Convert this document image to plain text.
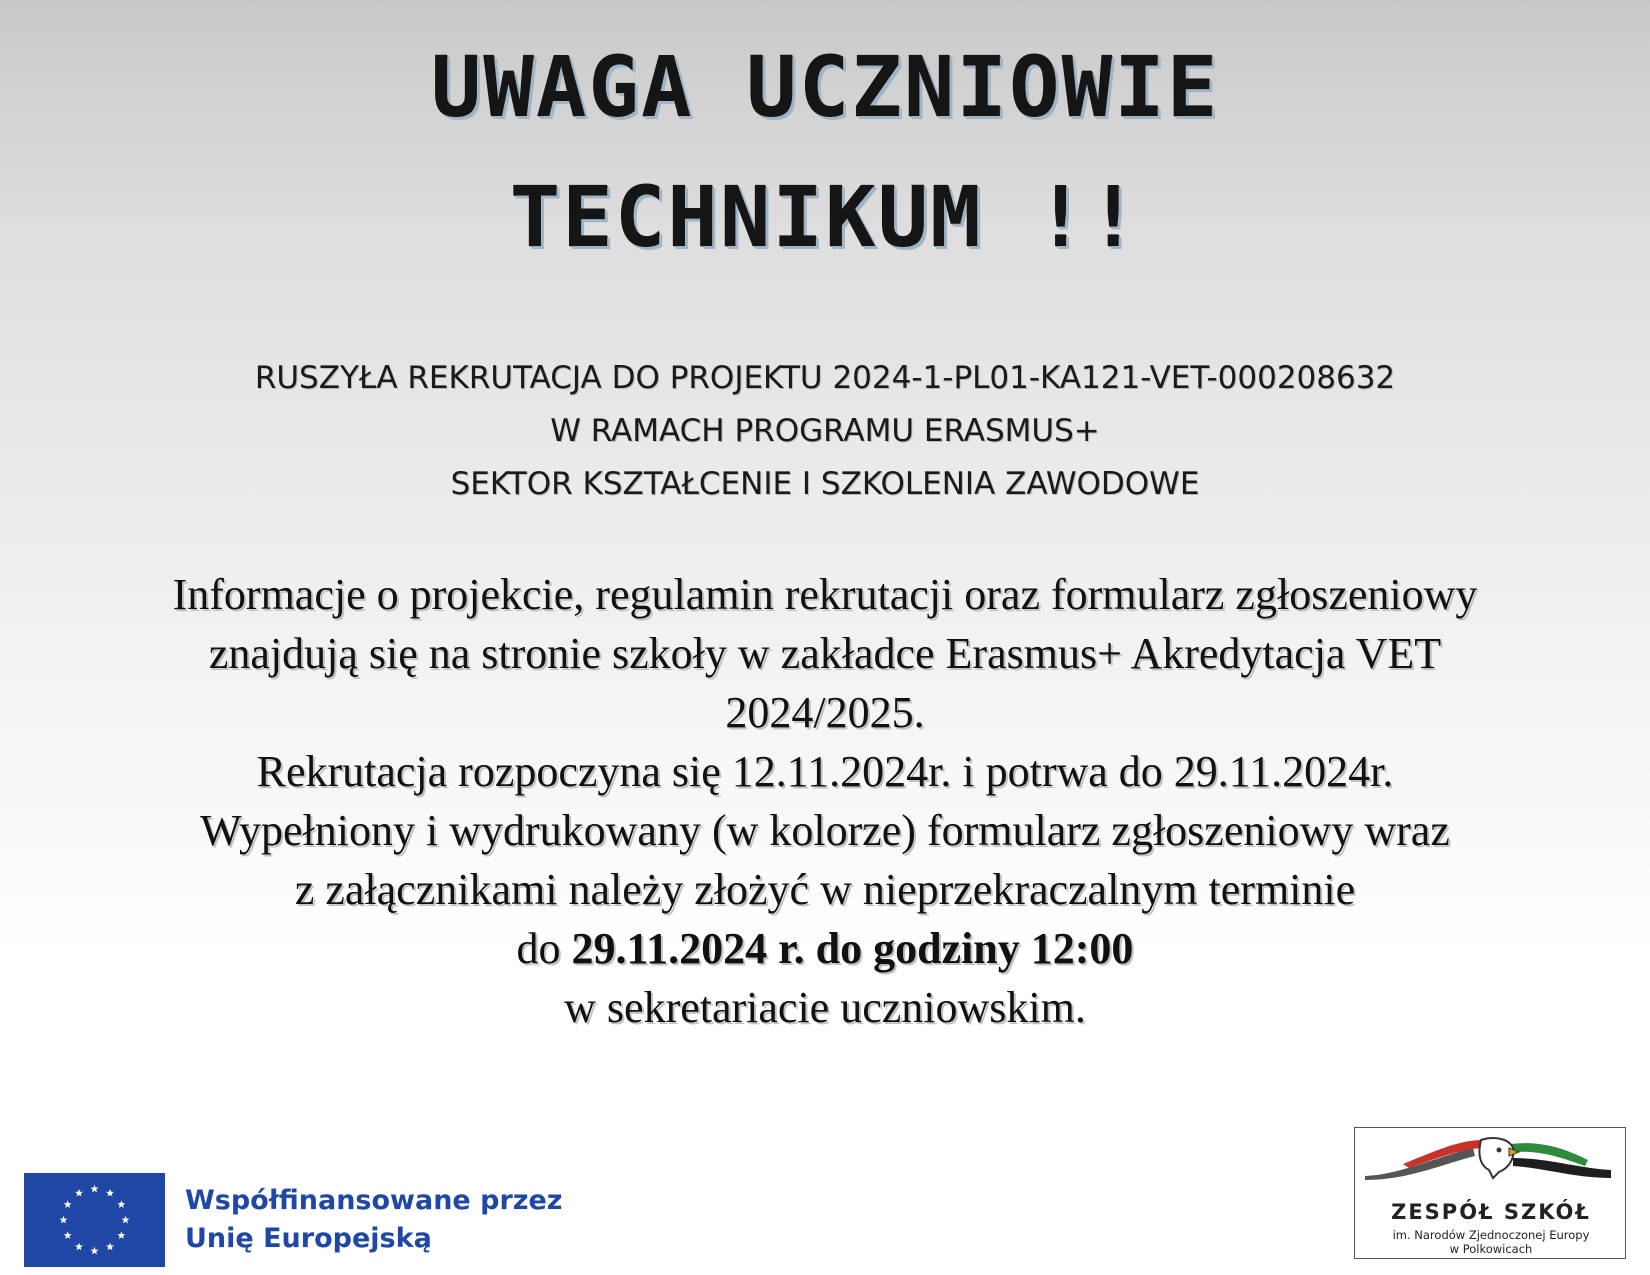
UWAGA UCZNIOWIE
TECHNIKUM !!
RUSZYŁA REKRUTACJA DO PROJEKTU 2024-1-PL01-KA121-VET-000208632
W RAMACH PROGRAMU ERASMUS+
SEKTOR KSZTAŁCENIE I SZKOLENIA ZAWODOWE
Informacje o projekcie, regulamin rekrutacji oraz formularz zgłoszeniowy
znajdują się na stronie szkoły w zakładce Erasmus+ Akredytacja VET
2024/2025.
Rekrutacja rozpoczyna się 12.11.2024r. i potrwa do 29.11.2024r.
Wypełniony i wydrukowany (w kolorze) formularz zgłoszeniowy wraz
z załącznikami należy złożyć w nieprzekraczalnym terminie
do 29.11.2024 r. do godziny 12:00
w sekretariacie uczniowskim.
Współfinansowane przez
Unię Europejską
ZESPÓŁ SZKÓŁ
im. Narodów Zjednoczonej Europy
w Polkowicach
